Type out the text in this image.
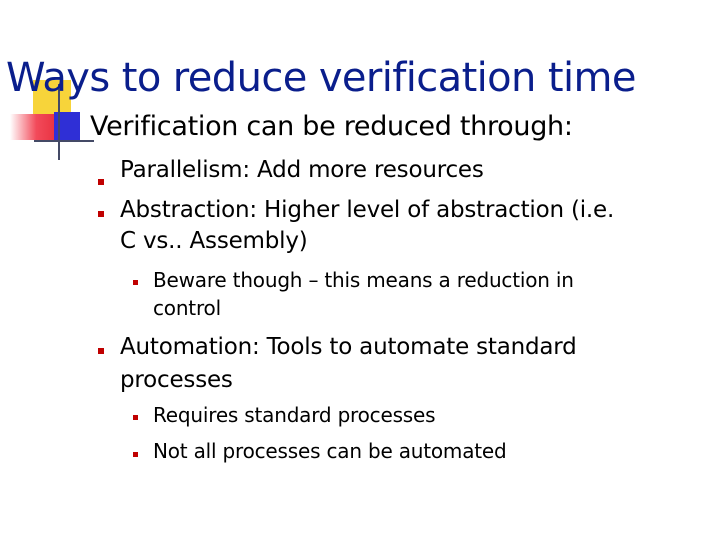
Ways to reduce verification time
Verification can be reduced through:
Parallelism: Add more resources
Abstraction: Higher level of abstraction (i.e.
C vs.. Assembly)
Beware though – this means a reduction in
control
Automation: Tools to automate standard
processes
Requires standard processes
Not all processes can be automated
